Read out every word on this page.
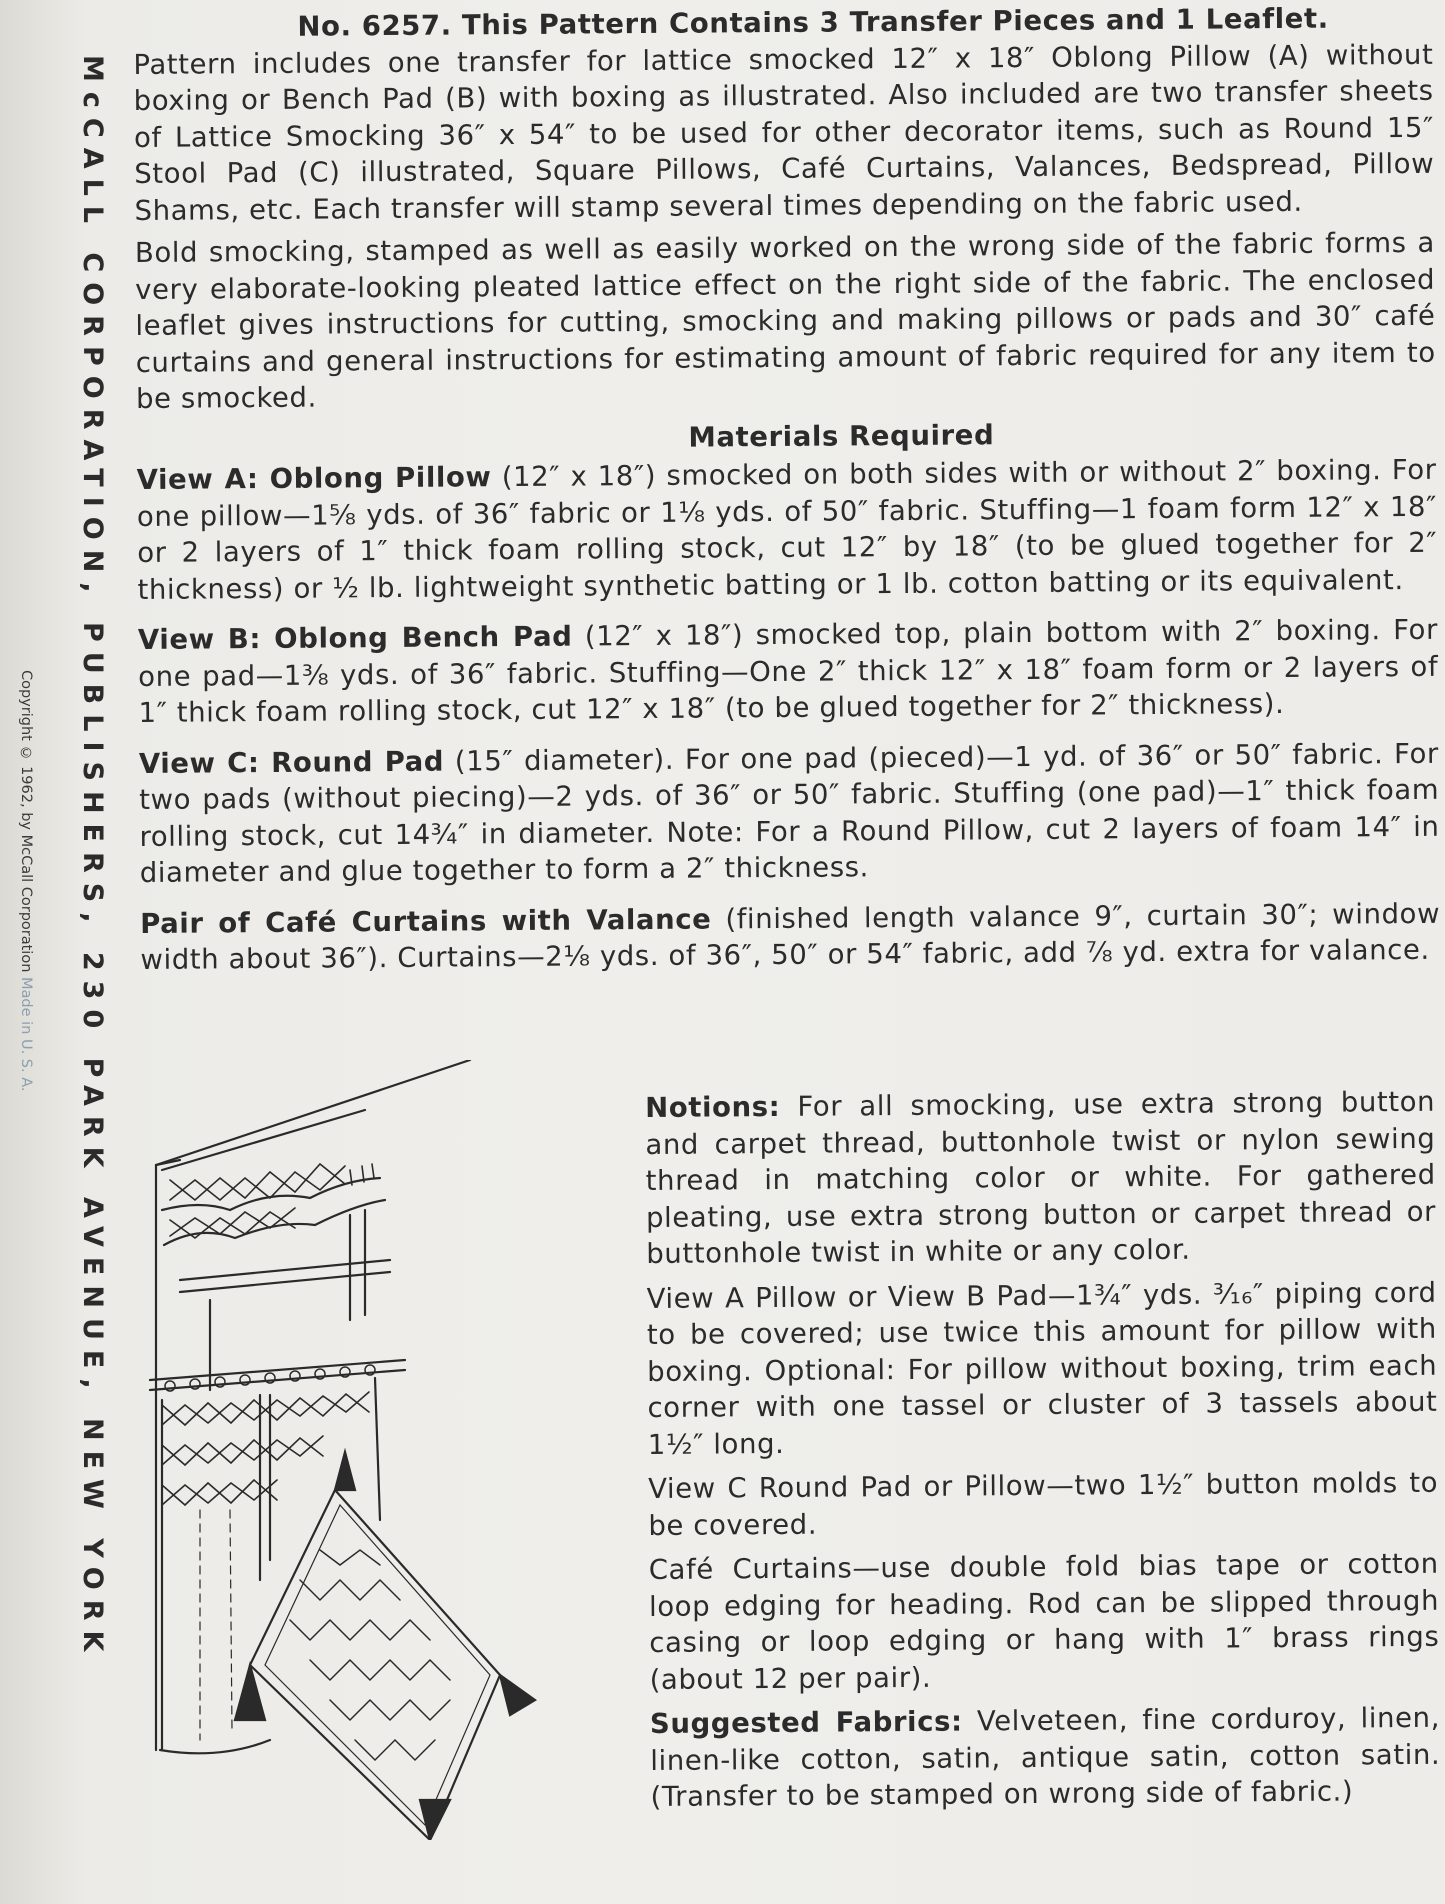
McCALL CORPORATION, PUBLISHERS, 230 PARK AVENUE, NEW YORK
Copyright © 1962, by McCall Corporation Made in U. S. A.
No. 6257. This Pattern Contains 3 Transfer Pieces and 1 Leaflet.

Pattern includes one transfer for lattice smocked 12″ x 18″ Oblong Pillow (A) without boxing or Bench Pad (B) with boxing as illustrated. Also included are two transfer sheets of Lattice Smocking 36″ x 54″ to be used for other decorator items, such as Round 15″ Stool Pad (C) illustrated, Square Pillows, Café Curtains, Valances, Bedspread, Pillow Shams, etc. Each transfer will stamp several times depending on the fabric used.

Bold smocking, stamped as well as easily worked on the wrong side of the fabric forms a very elaborate-looking pleated lattice effect on the right side of the fabric. The enclosed leaflet gives instructions for cutting, smocking and making pillows or pads and 30″ café curtains and general instructions for estimating amount of fabric required for any item to be smocked.

Materials Required

View A: Oblong Pillow (12″ x 18″) smocked on both sides with or without 2″ boxing. For one pillow—1⅝ yds. of 36″ fabric or 1⅛ yds. of 50″ fabric. Stuffing—1 foam form 12″ x 18″ or 2 layers of 1″ thick foam rolling stock, cut 12″ by 18″ (to be glued together for 2″ thickness) or ½ lb. lightweight synthetic batting or 1 lb. cotton batting or its equivalent.

View B: Oblong Bench Pad (12″ x 18″) smocked top, plain bottom with 2″ boxing. For one pad—1⅜ yds. of 36″ fabric. Stuffing—One 2″ thick 12″ x 18″ foam form or 2 layers of 1″ thick foam rolling stock, cut 12″ x 18″ (to be glued together for 2″ thickness).

View C: Round Pad (15″ diameter). For one pad (pieced)—1 yd. of 36″ or 50″ fabric. For two pads (without piecing)—2 yds. of 36″ or 50″ fabric. Stuffing (one pad)—1″ thick foam rolling stock, cut 14¾″ in diameter. Note: For a Round Pillow, cut 2 layers of foam 14″ in diameter and glue together to form a 2″ thickness.

Pair of Café Curtains with Valance (finished length valance 9″, curtain 30″; window width about 36″). Curtains—2⅛ yds. of 36″, 50″ or 54″ fabric, add ⅞ yd. extra for valance.

Notions: For all smocking, use extra strong button and carpet thread, buttonhole twist or nylon sewing thread in matching color or white. For gathered pleating, use extra strong button or carpet thread or buttonhole twist in white or any color.

View A Pillow or View B Pad—1¾″ yds. ³⁄₁₆″ piping cord to be covered; use twice this amount for pillow with boxing. Optional: For pillow without boxing, trim each corner with one tassel or cluster of 3 tassels about 1½″ long.

View C Round Pad or Pillow—two 1½″ button molds to be covered.

Café Curtains—use double fold bias tape or cotton loop edging for heading. Rod can be slipped through casing or loop edging or hang with 1″ brass rings (about 12 per pair).

Suggested Fabrics: Velveteen, fine corduroy, linen, linen-like cotton, satin, antique satin, cotton satin. (Transfer to be stamped on wrong side of fabric.)
